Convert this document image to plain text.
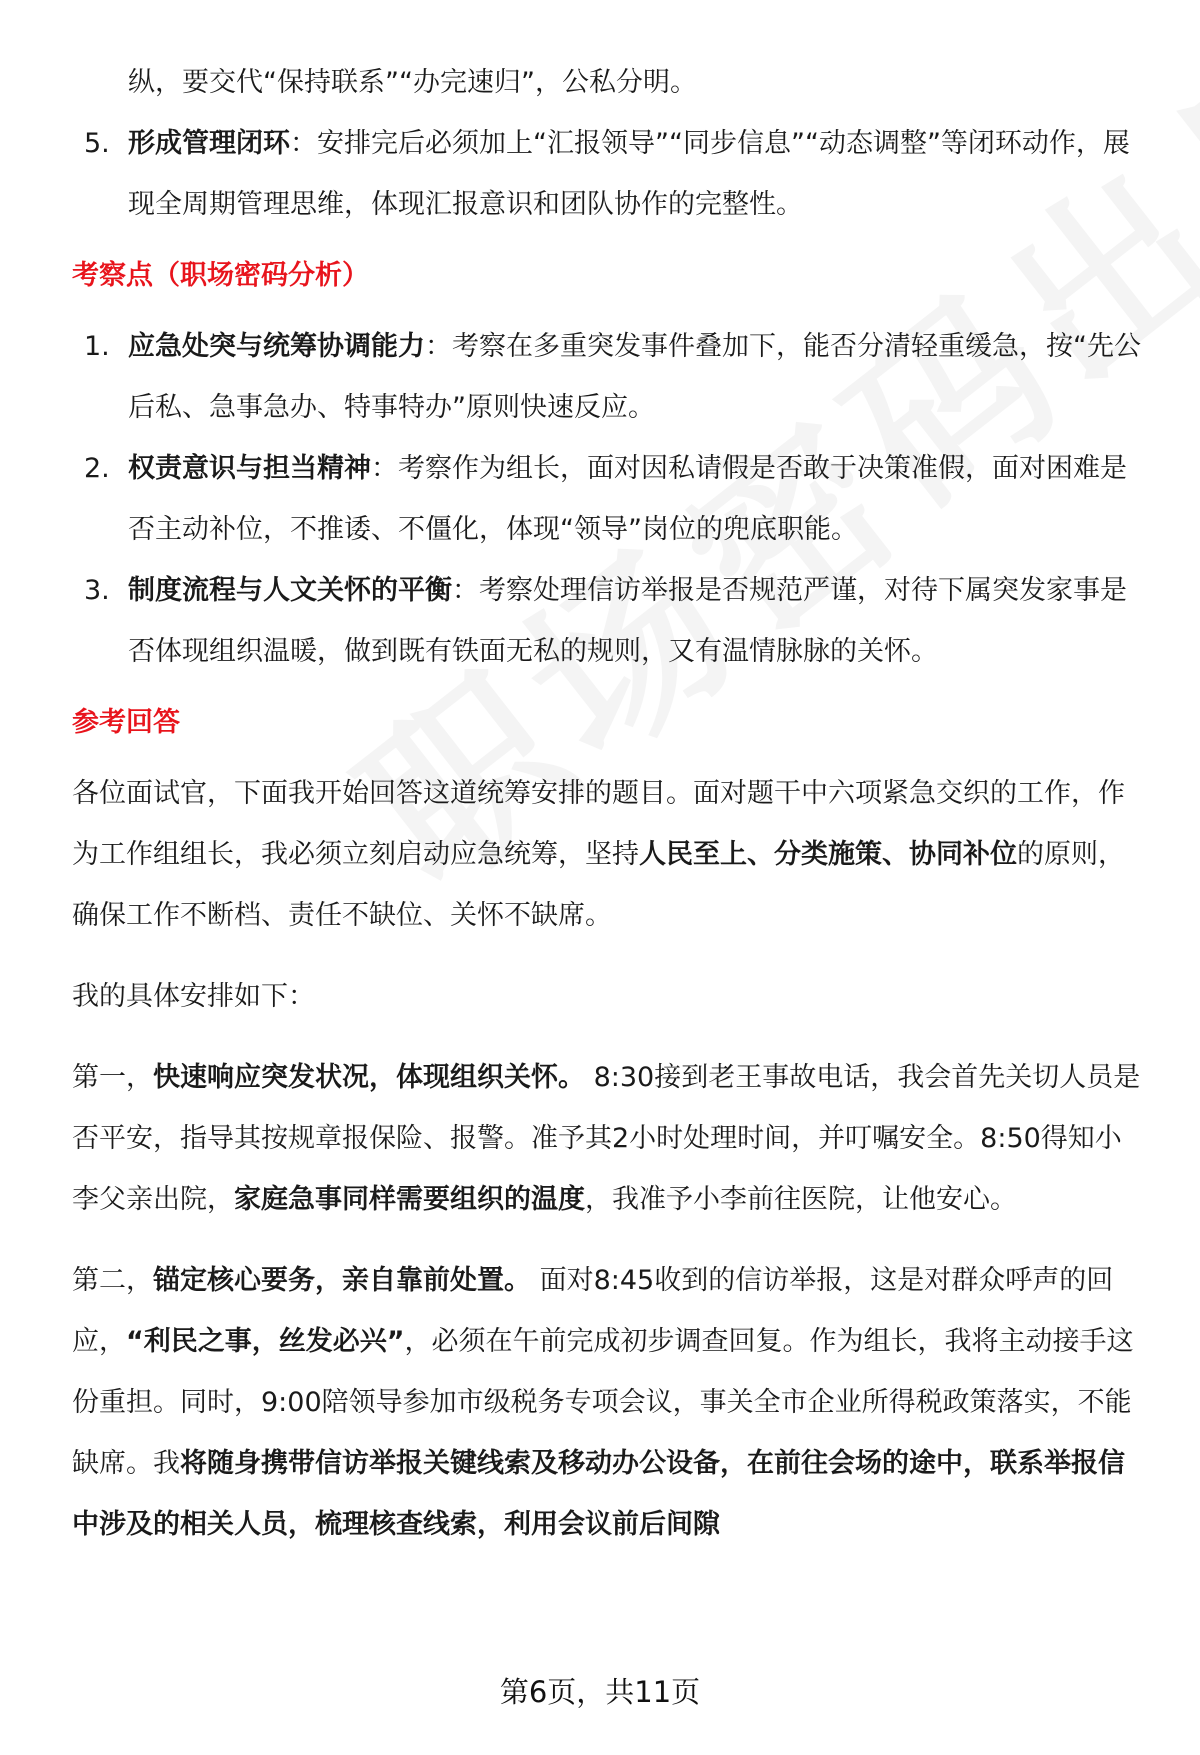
纵，要交代“保持联系”“办完速归”，公私分明。
5. 形成管理闭环：安排完后必须加上“汇报领导”“同步信息”“动态调整”等闭环动作，展现全周期管理思维，体现汇报意识和团队协作的完整性。
考察点（职场密码分析）
1. 应急处突与统筹协调能力：考察在多重突发事件叠加下，能否分清轻重缓急，按“先公后私、急事急办、特事特办”原则快速反应。
2. 权责意识与担当精神：考察作为组长，面对因私请假是否敢于决策准假，面对困难是否主动补位，不推诿、不僵化，体现“领导”岗位的兜底职能。
3. 制度流程与人文关怀的平衡：考察处理信访举报是否规范严谨，对待下属突发家事是否体现组织温暖，做到既有铁面无私的规则，又有温情脉脉的关怀。
参考回答
各位面试官，下面我开始回答这道统筹安排的题目。面对题干中六项紧急交织的工作，作为工作组组长，我必须立刻启动应急统筹，坚持人民至上、分类施策、协同补位的原则，确保工作不断档、责任不缺位、关怀不缺席。
我的具体安排如下：
第一，快速响应突发状况，体现组织关怀。 8:30接到老王事故电话，我会首先关切人员是否平安，指导其按规章报保险、报警。准予其2小时处理时间，并叮嘱安全。8:50得知小李父亲出院，家庭急事同样需要组织的温度，我准予小李前往医院，让他安心。
第二，锚定核心要务，亲自靠前处置。 面对8:45收到的信访举报，这是对群众呼声的回应，“利民之事，丝发必兴”，必须在午前完成初步调查回复。作为组长，我将主动接手这份重担。同时，9:00陪领导参加市级税务专项会议，事关全市企业所得税政策落实，不能缺席。我将随身携带信访举报关键线索及移动办公设备，在前往会场的途中，联系举报信中涉及的相关人员，梳理核查线索，利用会议前后间隙
第6页，共11页
